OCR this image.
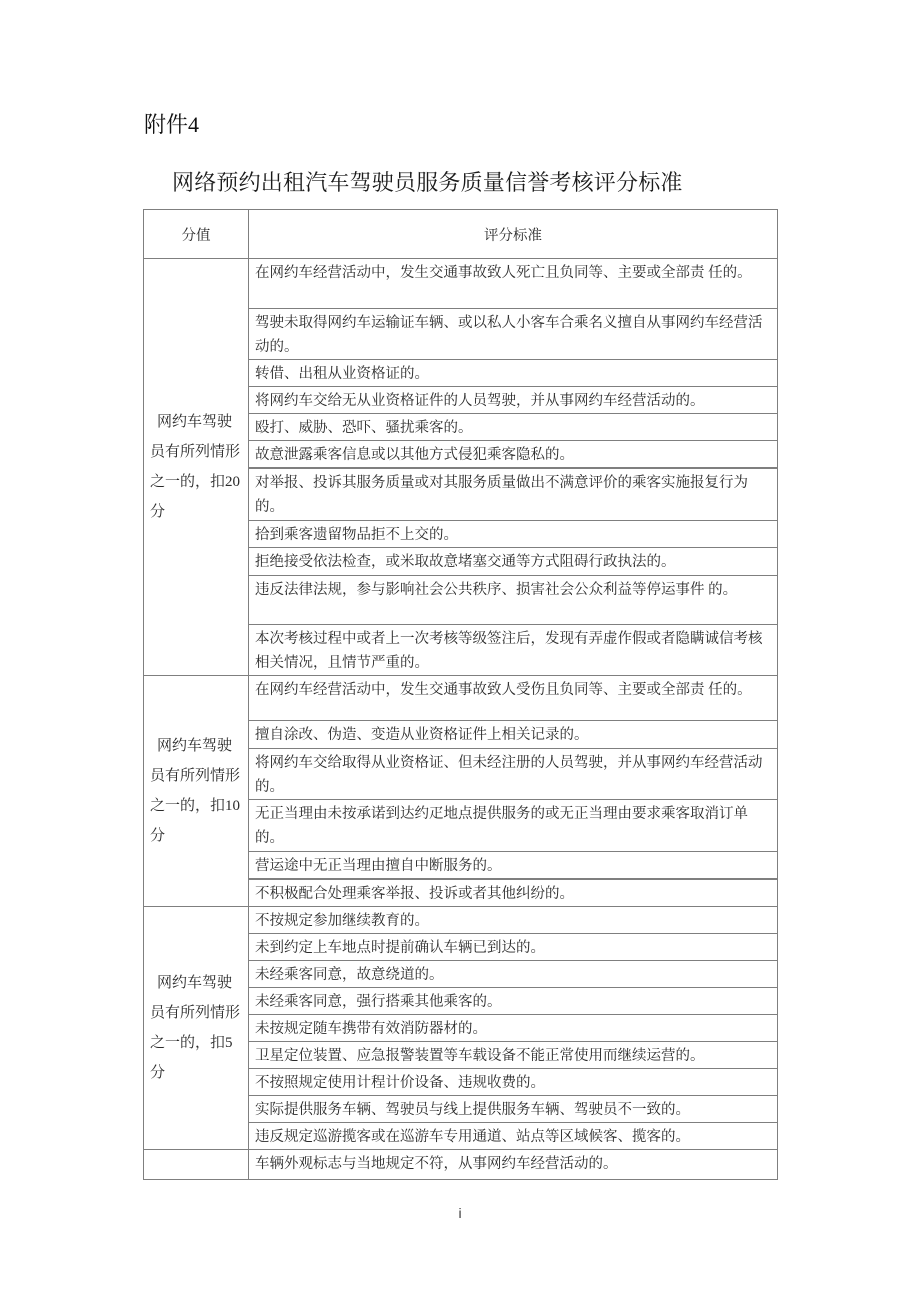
附件4
网络预约出租汽车驾驶员服务质量信誉考核评分标准
分值	评分标准
网约车驾驶员有所列情形之一的，扣20分	在网约车经营活动中，发生交通事故致人死亡且负同等、主要或全部责 任的。
	驾驶未取得网约车运输证车辆、或以私人小客车合乘名义擅自从事网约车经营活动的。
	转借、出租从业资格证的。
	将网约车交给无从业资格证件的人员驾驶，并从事网约车经营活动的。
	殴打、威胁、恐吓、骚扰乘客的。
	故意泄露乘客信息或以其他方式侵犯乘客隐私的。
	对举报、投诉其服务质量或对其服务质量做出不满意评价的乘客实施报复行为的。
	拾到乘客遗留物品拒不上交的。
	拒绝接受依法检查，或米取故意堵塞交通等方式阻碍行政执法的。
	违反法律法规，参与影响社会公共秩序、损害社会公众利益等停运事件 的。
	本次考核过程中或者上一次考核等级签注后，发现有弄虚作假或者隐瞒诚信考核相关情况，且情节严重的。
网约车驾驶员有所列情形之一的，扣10分	在网约车经营活动中，发生交通事故致人受伤且负同等、主要或全部责 任的。
	擅自涂改、伪造、变造从业资格证件上相关记录的。
	将网约车交给取得从业资格证、但未经注册的人员驾驶，并从事网约车经营活动的。
	无正当理由未按承诺到达约疋地点提供服务的或无正当理由要求乘客取消订单的。
	营运途中无正当理由擅自中断服务的。
	不积极配合处理乘客举报、投诉或者其他纠纷的。
网约车驾驶员有所列情形之一的，扣5分	不按规定参加继续教育的。
	未到约定上车地点时提前确认车辆已到达的。
	未经乘客同意，故意绕道的。
	未经乘客同意，强行搭乘其他乘客的。
	未按规定随车携带有效消防器材的。
	卫星定位装置、应急报警装置等车载设备不能正常使用而继续运营的。
	不按照规定使用计程计价设备、违规收费的。
	实际提供服务车辆、驾驶员与线上提供服务车辆、驾驶员不一致的。
	违反规定巡游揽客或在巡游车专用通道、站点等区域候客、揽客的。
	车辆外观标志与当地规定不符，从事网约车经营活动的。
i
